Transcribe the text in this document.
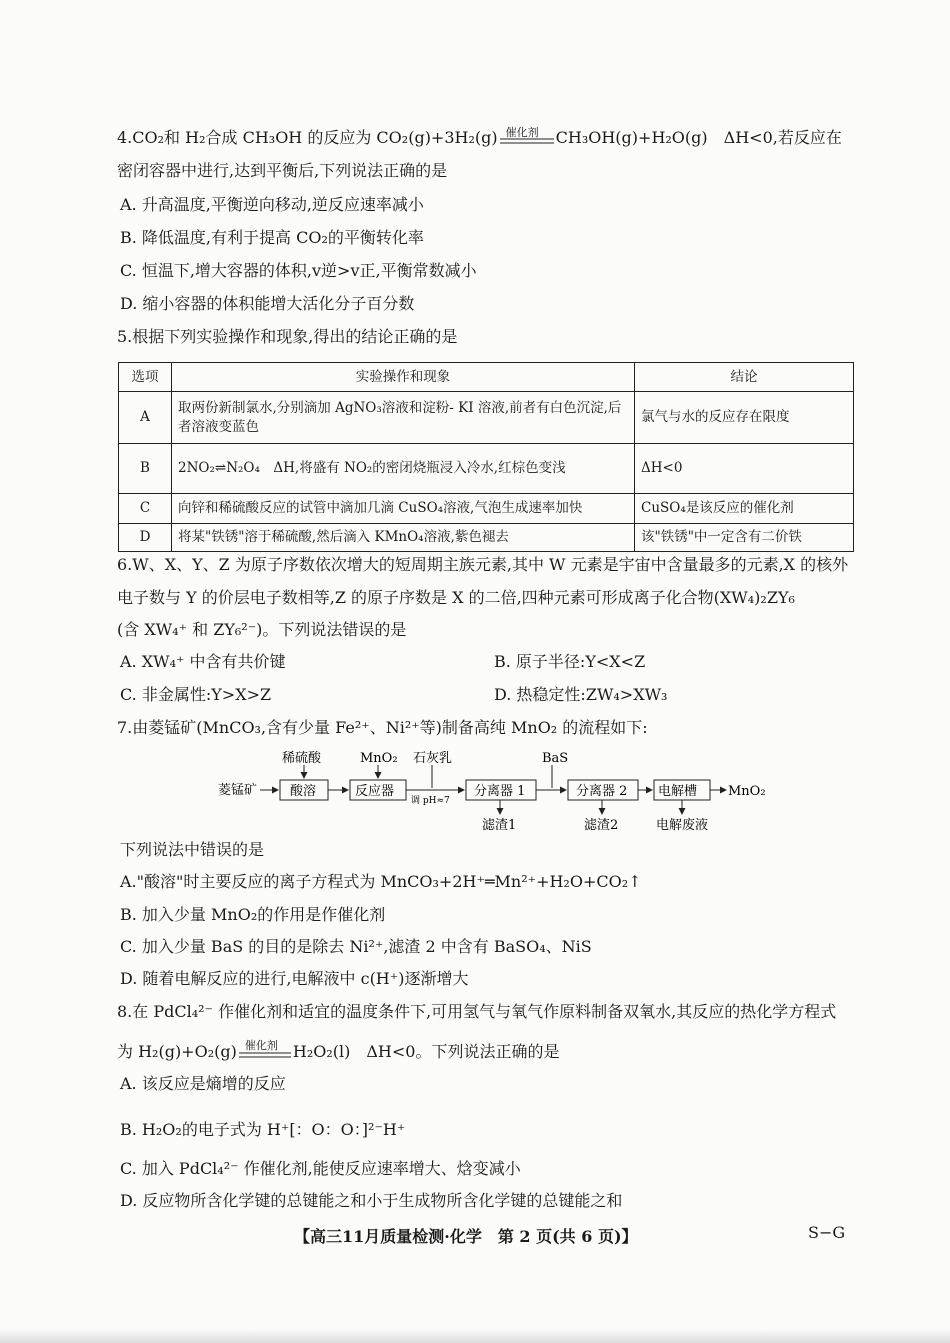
4.CO₂和 H₂合成 CH₃OH 的反应为 CO₂(g)+3H₂(g) 催化剂 CH₃OH(g)+H₂O(g)　ΔH<0,若反应在
密闭容器中进行,达到平衡后,下列说法正确的是
A. 升高温度,平衡逆向移动,逆反应速率减小
B. 降低温度,有利于提高 CO₂的平衡转化率
C. 恒温下,增大容器的体积,v逆>v正,平衡常数减小
D. 缩小容器的体积能增大活化分子百分数
5.根据下列实验操作和现象,得出的结论正确的是
选项	实验操作和现象	结论
A	取两份新制氯水,分别滴加 AgNO₃溶液和淀粉- KI 溶液,前者有白色沉淀,后者溶液变蓝色	氯气与水的反应存在限度
B	2NO₂⇌N₂O₄　ΔH,将盛有 NO₂的密闭烧瓶浸入冷水,红棕色变浅	ΔH<0
C	向锌和稀硫酸反应的试管中滴加几滴 CuSO₄溶液,气泡生成速率加快	CuSO₄是该反应的催化剂
D	将某"铁锈"溶于稀硫酸,然后滴入 KMnO₄溶液,紫色褪去	该"铁锈"中一定含有二价铁
6.W、X、Y、Z 为原子序数依次增大的短周期主族元素,其中 W 元素是宇宙中含量最多的元素,X 的核外
电子数与 Y 的价层电子数相等,Z 的原子序数是 X 的二倍,四种元素可形成离子化合物(XW₄)₂ZY₆
(含 XW₄⁺ 和 ZY₆²⁻)。下列说法错误的是
A. XW₄⁺ 中含有共价键	B. 原子半径:Y<X<Z
C. 非金属性:Y>X>Z	D. 热稳定性:ZW₄>XW₃
7.由菱锰矿(MnCO₃,含有少量 Fe²⁺、Ni²⁺等)制备高纯 MnO₂ 的流程如下:
菱锰矿	酸溶	反应器
调 pH≈7
分离器 1	分离器 2 电解槽 MnO₂
稀硫酸	MnO₂ 石灰乳	BaS
滤渣1	滤渣2	电解废液
下列说法中错误的是
A."酸溶"时主要反应的离子方程式为 MnCO₃+2H⁺═Mn²⁺+H₂O+CO₂↑
B. 加入少量 MnO₂的作用是作催化剂
C. 加入少量 BaS 的目的是除去 Ni²⁺,滤渣 2 中含有 BaSO₄、NiS
D. 随着电解反应的进行,电解液中 c(H⁺)逐渐增大
8.在 PdCl₄²⁻ 作催化剂和适宜的温度条件下,可用氢气与氧气作原料制备双氧水,其反应的热化学方程式
为 H₂(g)+O₂(g) 催化剂 H₂O₂(l)　ΔH<0。下列说法正确的是
A. 该反应是熵增的反应
B. H₂O₂的电子式为 H⁺[：O：O：]²⁻H⁺
C. 加入 PdCl₄²⁻ 作催化剂,能使反应速率增大、焓变减小
D. 反应物所含化学键的总键能之和小于生成物所含化学键的总键能之和
【高三11月质量检测·化学　第 2 页(共 6 页)】	S−G
